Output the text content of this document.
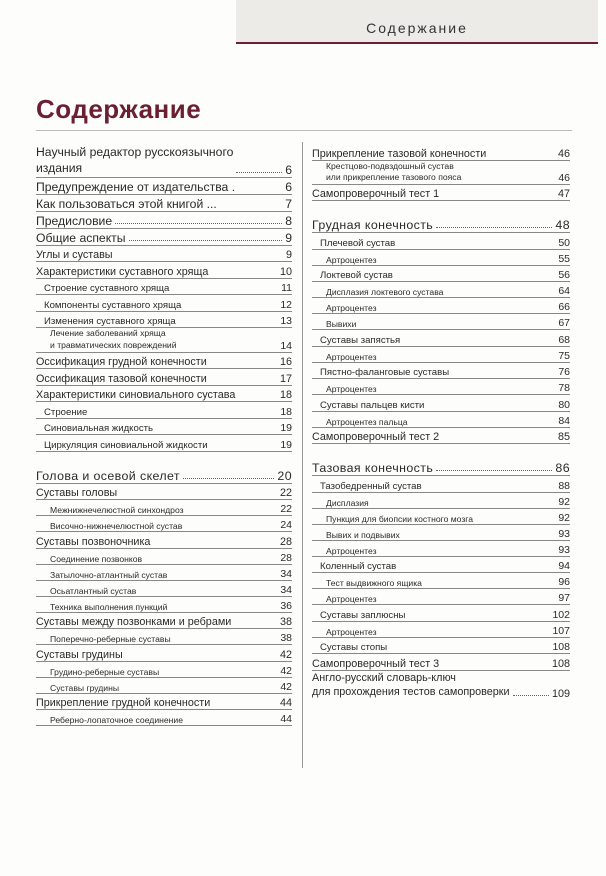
Содержание
Содержание
Научный редактор русскоязычного
издания	6
Предупреждение от издательства .	6
Как пользоваться этой книгой ...	7
Предисловие	8
Общие аспекты	9
Углы и суставы	9
Характеристики суставного хряща	10
Строение суставного хряща	11
Компоненты суставного хряща	12
Изменения суставного хряща	13
Лечение заболеваний хряща
и травматических повреждений	14
Оссификация грудной конечности	16
Оссификация тазовой конечности	17
Характеристики синовиального сустава	18
Строение	18
Синовиальная жидкость	19
Циркуляция синовиальной жидкости	19
Голова и осевой скелет	20
Суставы головы	22
Межнижнечелюстной синхондроз	22
Височно-нижнечелюстной сустав	24
Суставы позвоночника	28
Соединение позвонков	28
Затылочно-атлантный сустав	34
Осьатлантный сустав	34
Техника выполнения пункций	36
Суставы между позвонками и ребрами	38
Поперечно-реберные суставы	38
Суставы грудины	42
Грудино-реберные суставы	42
Суставы грудины	42
Прикрепление грудной конечности	44
Реберно-лопаточное соединение	44
Прикрепление тазовой конечности	46
Крестцово-подвздошный сустав
или прикрепление тазового пояса	46
Самопроверочный тест 1	47
Грудная конечность	48
Плечевой сустав	50
Артроцентез	55
Локтевой сустав	56
Дисплазия локтевого сустава	64
Артроцентез	66
Вывихи	67
Суставы запястья	68
Артроцентез	75
Пястно-фаланговые суставы	76
Артроцентез	78
Суставы пальцев кисти	80
Артроцентез пальца	84
Самопроверочный тест 2	85
Тазовая конечность	86
Тазобедренный сустав	88
Дисплазия	92
Пункция для биопсии костного мозга	92
Вывих и подвывих	93
Артроцентез	93
Коленный сустав	94
Тест выдвижного ящика	96
Артроцентез	97
Суставы заплюсны	102
Артроцентез	107
Суставы стопы	108
Самопроверочный тест 3	108
Англо-русский словарь-ключ
для прохождения тестов самопроверки	109
